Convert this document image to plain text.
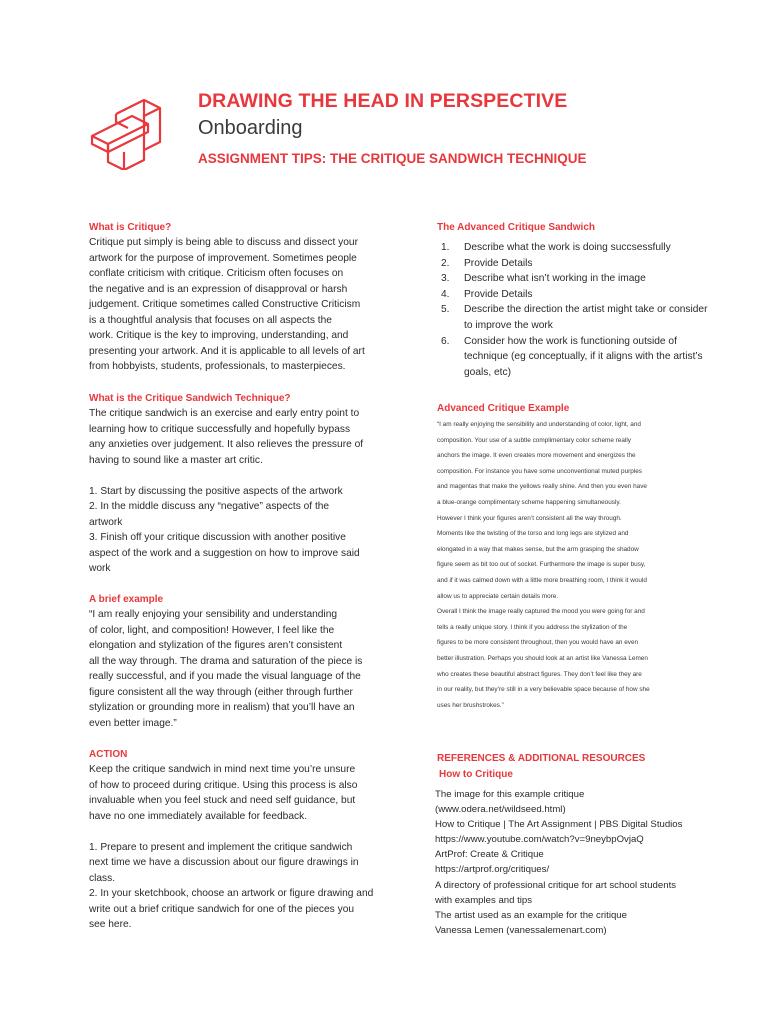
DRAWING THE HEAD IN PERSPECTIVE
Onboarding
ASSIGNMENT TIPS: THE CRITIQUE SANDWICH TECHNIQUE
What is Critique?
Critique put simply is being able to discuss and dissect your
artwork for the purpose of improvement. Sometimes people
conflate criticism with critique. Criticism often focuses on
the negative and is an expression of disapproval or harsh
judgement. Critique sometimes called Constructive Criticism
is a thoughtful analysis that focuses on all aspects the
work. Critique is the key to improving, understanding, and
presenting your artwork. And it is applicable to all levels of art
from hobbyists, students, professionals, to masterpieces.
What is the Critique Sandwich Technique?
The critique sandwich is an exercise and early entry point to
learning how to critique successfully and hopefully bypass
any anxieties over judgement. It also relieves the pressure of
having to sound like a master art critic.

1. Start by discussing the positive aspects of the artwork
2. In the middle discuss any “negative” aspects of the
artwork
3. Finish off your critique discussion with another positive
aspect of the work and a suggestion on how to improve said
work
A brief example
“I am really enjoying your sensibility and understanding
of color, light, and composition! However, I feel like the
elongation and stylization of the figures aren’t consistent
all the way through. The drama and saturation of the piece is
really successful, and if you made the visual language of the
figure consistent all the way through (either through further
stylization or grounding more in realism) that you’ll have an
even better image.”
ACTION
Keep the critique sandwich in mind next time you’re unsure
of how to proceed during critique. Using this process is also
invaluable when you feel stuck and need self guidance, but
have no one immediately available for feedback.

1. Prepare to present and implement the critique sandwich
next time we have a discussion about our figure drawings in
class.
2. In your sketchbook, choose an artwork or figure drawing and
write out a brief critique sandwich for one of the pieces you
see here.
The Advanced Critique Sandwich
1. Describe what the work is doing succsessfully
2. Provide Details
3. Describe what isn’t working in the image
4. Provide Details
5. Describe the direction the artist might take or consider
to improve the work
6. Consider how the work is functioning outside of
technique (eg conceptually, if it aligns with the artist’s
goals, etc)
Advanced Critique Example
“I am really enjoying the sensibility and understanding of color, light, and
composition. Your use of a subtle complimentary color scheme really
anchors the image. It even creates more movement and energizes the
composition. For instance you have some unconventional muted purples
and magentas that make the yellows really shine. And then you even have
a blue-orange complimentary scheme happening simultaneously.
However I think your figures aren’t consistent all the way through.
Moments like the twisting of the torso and long legs are stylized and
elongated in a way that makes sense, but the arm grasping the shadow
figure seem as bit too out of socket. Furthermore the image is super busy,
and if it was calmed down with a little more breathing room, I think it would
allow us to appreciate certain details more.
Overall I think the image really captured the mood you were going for and
tells a really unique story. I think if you address the stylization of the
figures to be more consistent throughout, then you would have an even
better illustration. Perhaps you should look at an artist like Vanessa Lemen
who creates these beautiful abstract figures. They don’t feel like they are
in our reality, but they’re still in a very believable space because of how she
uses her brushstrokes.”
REFERENCES & ADDITIONAL RESOURCES
How to Critique
The image for this example critique
(www.odera.net/wildseed.html)
How to Critique | The Art Assignment | PBS Digital Studios
https://www.youtube.com/watch?v=9neybpOvjaQ
ArtProf: Create & Critique
https://artprof.org/critiques/
A directory of professional critique for art school students
with examples and tips
The artist used as an example for the critique
Vanessa Lemen (vanessalemenart.com)
